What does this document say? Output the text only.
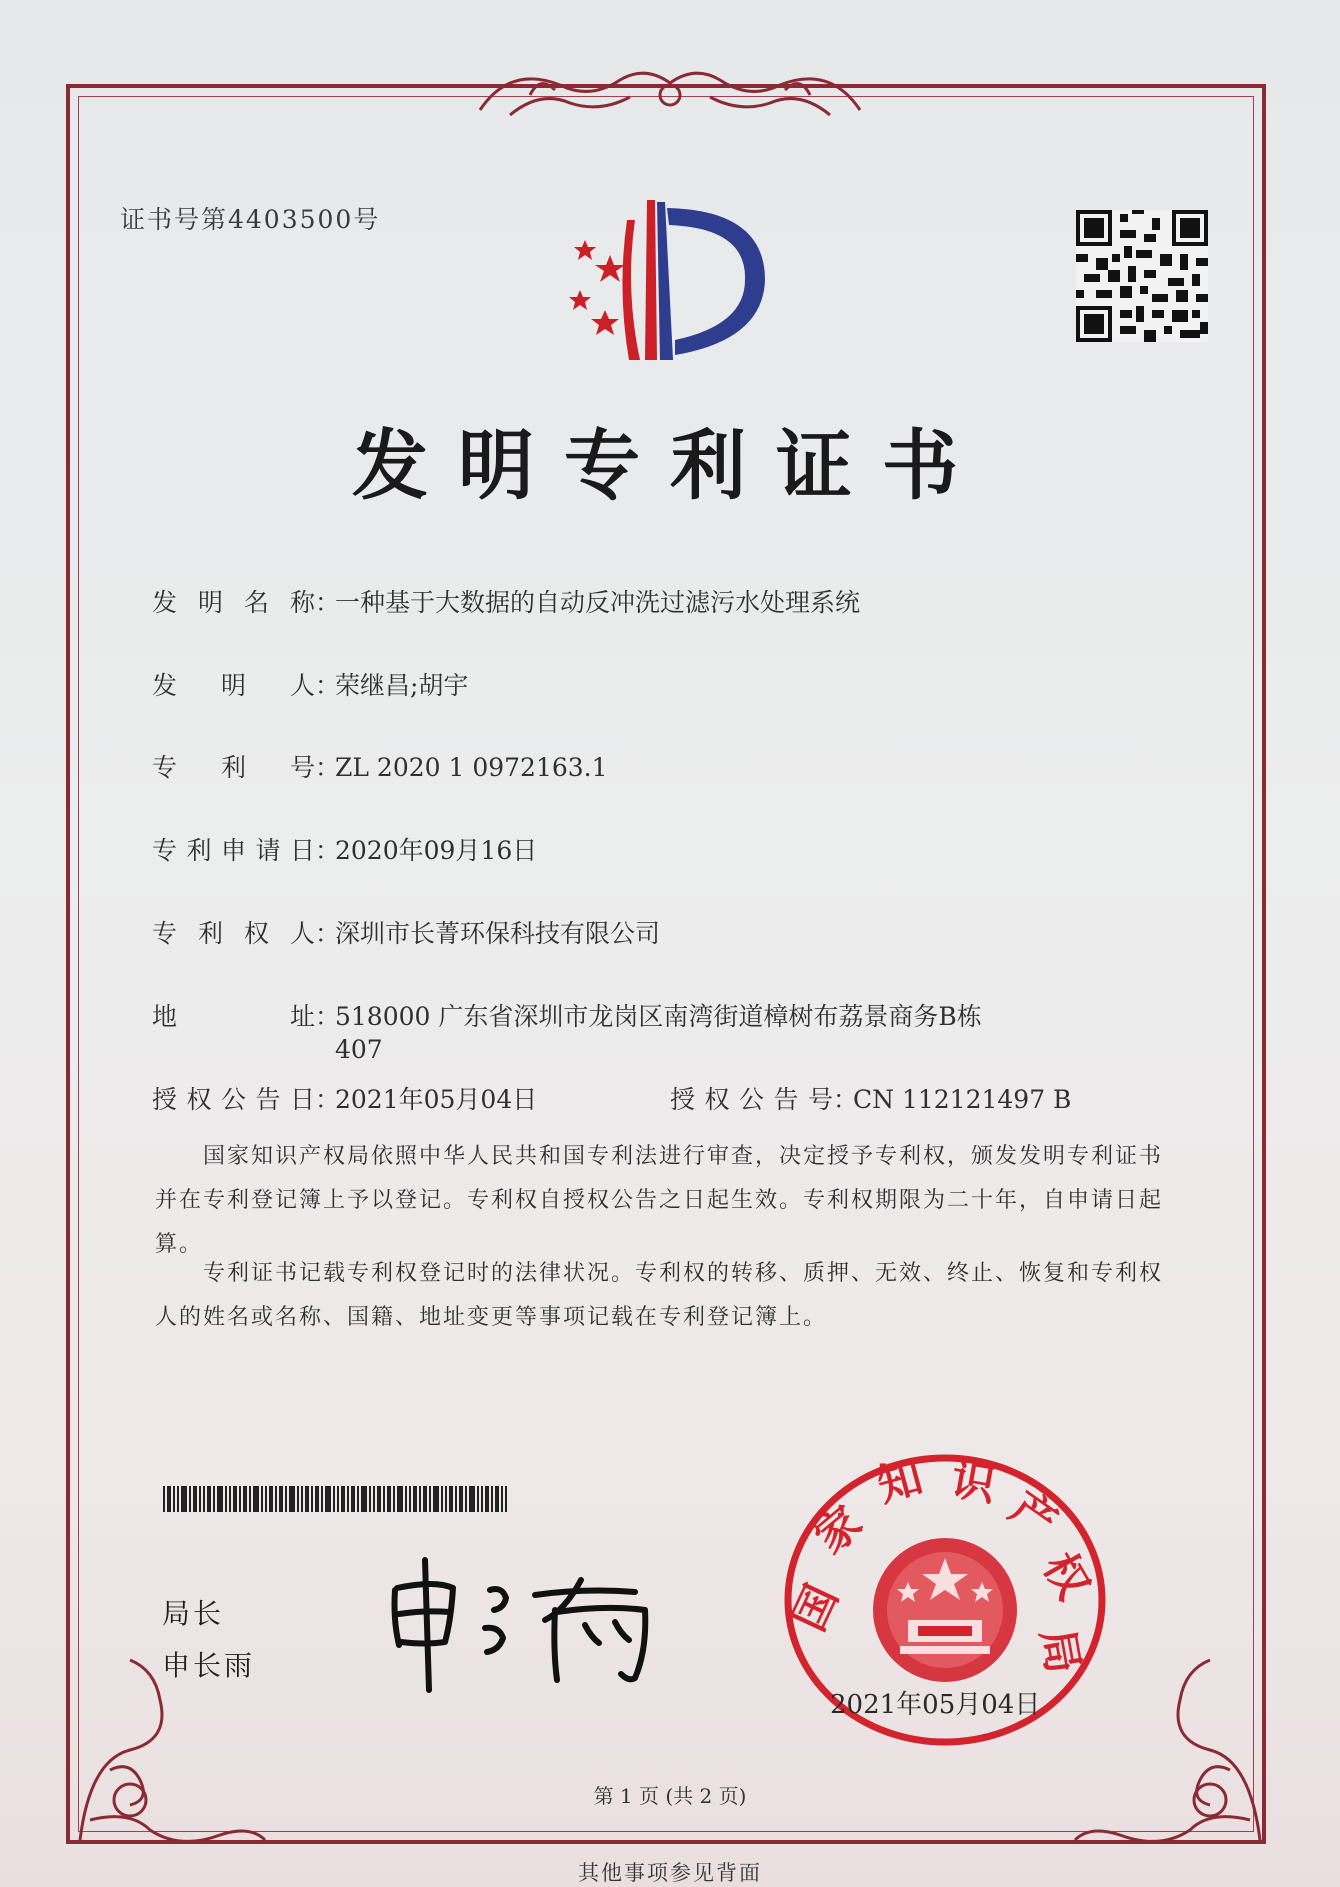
证书号第4403500号
发明专利证书
发明名称：一种基于大数据的自动反冲洗过滤污水处理系统
发明人：荣继昌;胡宇
专利号：ZL 2020 1 0972163.1
专利申请日：2020年09月16日
专利权人：深圳市长菁环保科技有限公司
地址：518000 广东省深圳市龙岗区南湾街道樟树布荔景商务B栋
407
授权公告日：2021年05月04日	授权公告号：CN 112121497 B
国家知识产权局依照中华人民共和国专利法进行审查，决定授予专利权，颁发发明专利证书并在专利登记簿上予以登记。专利权自授权公告之日起生效。专利权期限为二十年，自申请日起算。
专利证书记载专利权登记时的法律状况。专利权的转移、质押、无效、终止、恢复和专利权人的姓名或名称、国籍、地址变更等事项记载在专利登记簿上。
局长
申长雨
国
家
知 识 产
权
局
2021年05月04日
第 1 页 (共 2 页)
其他事项参见背面
